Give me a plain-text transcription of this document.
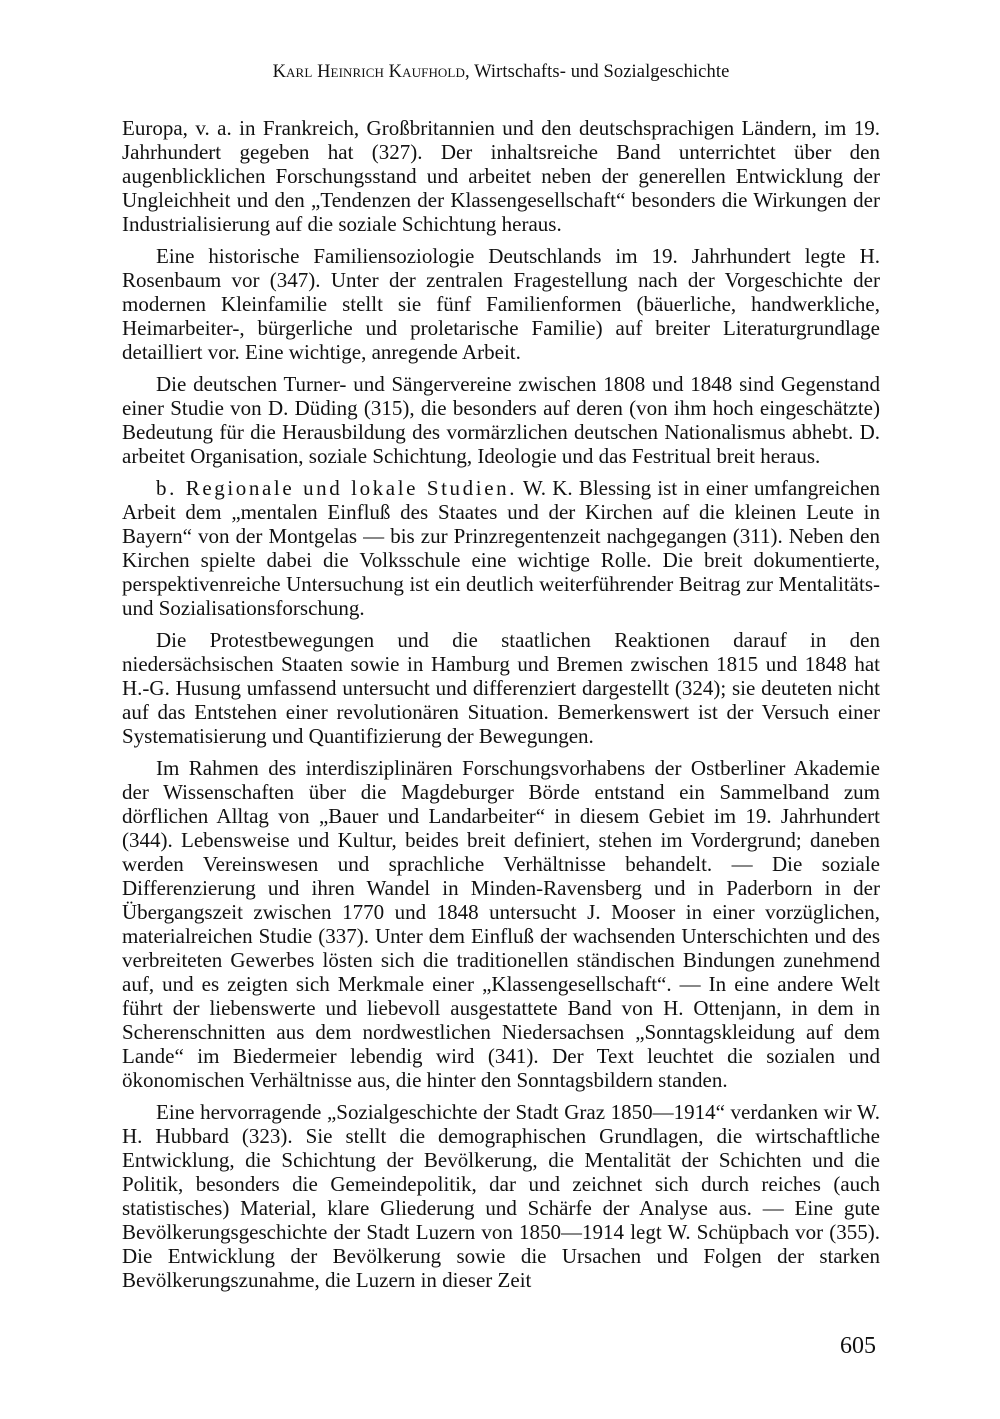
Karl Heinrich Kaufhold, Wirtschafts- und Sozialgeschichte

Europa, v. a. in Frankreich, Großbritannien und den deutschsprachigen Ländern, im 19. Jahrhundert gegeben hat (327). Der inhaltsreiche Band unterrichtet über den augenblicklichen Forschungsstand und arbeitet neben der generellen Entwicklung der Ungleichheit und den „Tendenzen der Klassengesellschaft“ besonders die Wirkungen der Industrialisierung auf die soziale Schichtung heraus.

Eine historische Familiensoziologie Deutschlands im 19. Jahrhundert legte H. Rosenbaum vor (347). Unter der zentralen Fragestellung nach der Vorgeschichte der modernen Kleinfamilie stellt sie fünf Familienformen (bäuerliche, handwerkliche, Heimarbeiter-, bürgerliche und proletarische Familie) auf breiter Literaturgrundlage detailliert vor. Eine wichtige, anregende Arbeit.

Die deutschen Turner- und Sängervereine zwischen 1808 und 1848 sind Gegenstand einer Studie von D. Düding (315), die besonders auf deren (von ihm hoch eingeschätzte) Bedeutung für die Herausbildung des vormärzlichen deutschen Nationalismus abhebt. D. arbeitet Organisation, soziale Schichtung, Ideologie und das Festritual breit heraus.

b. Regionale und lokale Studien. W. K. Blessing ist in einer umfangreichen Arbeit dem „mentalen Einfluß des Staates und der Kirchen auf die kleinen Leute in Bayern“ von der Montgelas — bis zur Prinzregentenzeit nachgegangen (311). Neben den Kirchen spielte dabei die Volksschule eine wichtige Rolle. Die breit dokumentierte, perspektivenreiche Untersuchung ist ein deutlich weiterführender Beitrag zur Mentalitäts- und Sozialisationsforschung.

Die Protestbewegungen und die staatlichen Reaktionen darauf in den niedersächsischen Staaten sowie in Hamburg und Bremen zwischen 1815 und 1848 hat H.-G. Husung umfassend untersucht und differenziert dargestellt (324); sie deuteten nicht auf das Entstehen einer revolutionären Situation. Bemerkenswert ist der Versuch einer Systematisierung und Quantifizierung der Bewegungen.

Im Rahmen des interdisziplinären Forschungsvorhabens der Ostberliner Akademie der Wissenschaften über die Magdeburger Börde entstand ein Sammelband zum dörflichen Alltag von „Bauer und Landarbeiter“ in diesem Gebiet im 19. Jahrhundert (344). Lebensweise und Kultur, beides breit definiert, stehen im Vordergrund; daneben werden Vereinswesen und sprachliche Verhältnisse behandelt. — Die soziale Differenzierung und ihren Wandel in Minden-Ravensberg und in Paderborn in der Übergangszeit zwischen 1770 und 1848 untersucht J. Mooser in einer vorzüglichen, materialreichen Studie (337). Unter dem Einfluß der wachsenden Unterschichten und des verbreiteten Gewerbes lösten sich die traditionellen ständischen Bindungen zunehmend auf, und es zeigten sich Merkmale einer „Klassengesellschaft“. — In eine andere Welt führt der liebenswerte und liebevoll ausgestattete Band von H. Ottenjann, in dem in Scherenschnitten aus dem nordwestlichen Niedersachsen „Sonntagskleidung auf dem Lande“ im Biedermeier lebendig wird (341). Der Text leuchtet die sozialen und ökonomischen Verhältnisse aus, die hinter den Sonntagsbildern standen.

Eine hervorragende „Sozialgeschichte der Stadt Graz 1850—1914“ verdanken wir W. H. Hubbard (323). Sie stellt die demographischen Grundlagen, die wirtschaftliche Entwicklung, die Schichtung der Bevölkerung, die Mentalität der Schichten und die Politik, besonders die Gemeindepolitik, dar und zeichnet sich durch reiches (auch statistisches) Material, klare Gliederung und Schärfe der Analyse aus. — Eine gute Bevölkerungsgeschichte der Stadt Luzern von 1850—1914 legt W. Schüpbach vor (355). Die Entwicklung der Bevölkerung sowie die Ursachen und Folgen der starken Bevölkerungszunahme, die Luzern in dieser Zeit

605
